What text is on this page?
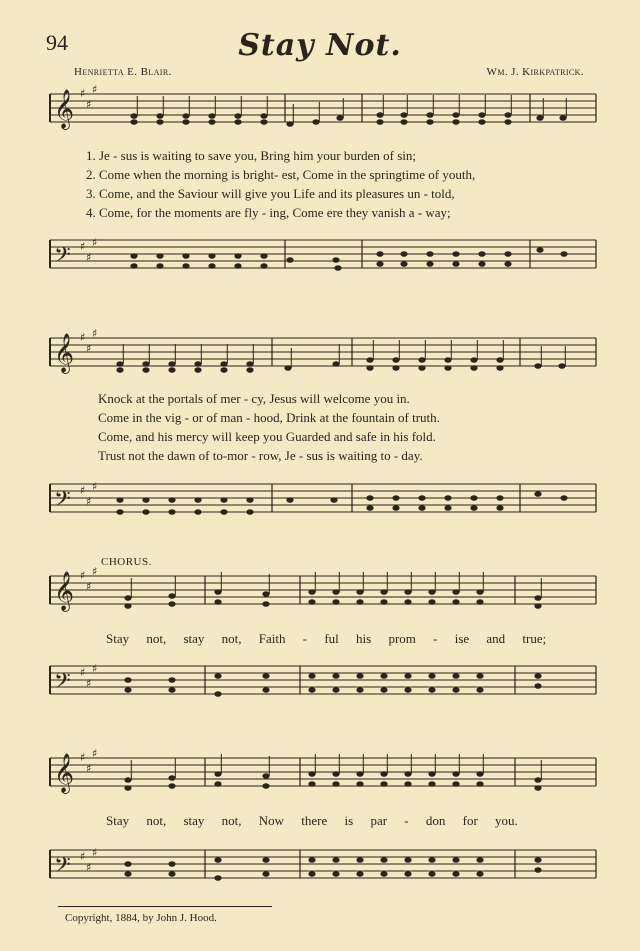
94	Stay Not.
Henrietta E. Blair.	Wm. J. Kirkpatrick.
𝄞 ♯
♯
♯
𝄢 ♯
♯
♯
𝄞 ♯
♯
♯
𝄢 ♯
♯
♯
𝄞 ♯
♯
♯
𝄢 ♯
♯
♯
𝄞 ♯
♯
♯
𝄢 ♯
♯
♯
1. Je - sus is waiting to save you, Bring him your burden of sin;
2. Come when the morning is bright- est, Come in the springtime of youth,
3. Come, and the Saviour will give you Life and its pleasures un - told,
4. Come, for the moments are fly - ing, Come ere they vanish a - way;
Knock at the portals of mer - cy, Jesus will welcome you in.
Come in the vig - or of man - hood, Drink at the fountain of truth.
Come, and his mercy will keep you Guarded and safe in his fold.
Trust not the dawn of to-mor - row, Je - sus is waiting to - day.
CHORUS.
Stay not, stay not, Faith - ful his prom - ise and true;
Stay not, stay not, Now there is par - don for you.
Copyright, 1884, by John J. Hood.
